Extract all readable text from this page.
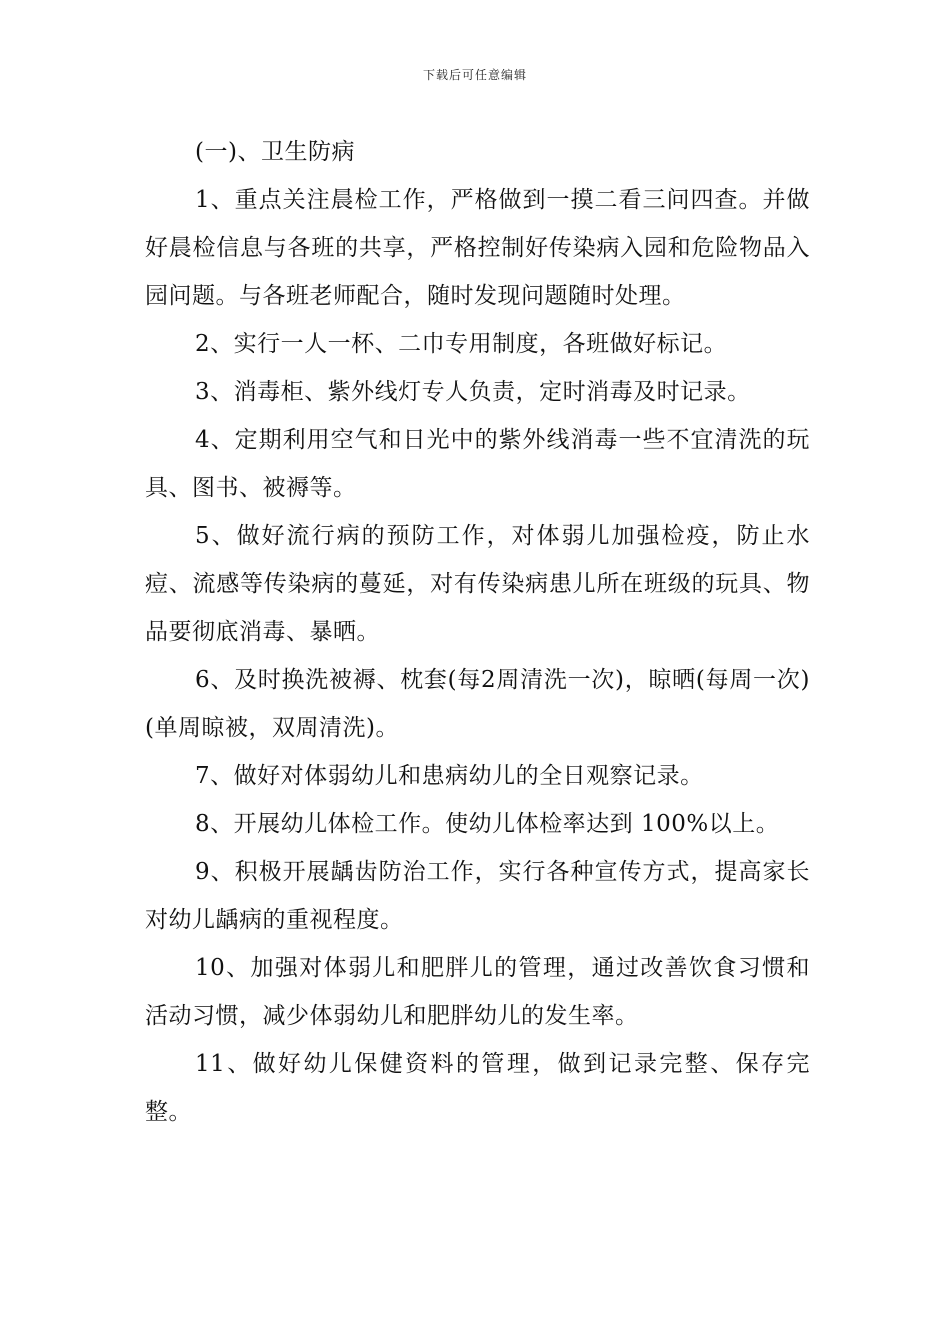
下载后可任意编辑

(一)、卫生防病

1、重点关注晨检工作，严格做到一摸二看三问四查。并做好晨检信息与各班的共享，严格控制好传染病入园和危险物品入园问题。与各班老师配合，随时发现问题随时处理。

2、实行一人一杯、二巾专用制度，各班做好标记。

3、消毒柜、紫外线灯专人负责，定时消毒及时记录。

4、定期利用空气和日光中的紫外线消毒一些不宜清洗的玩具、图书、被褥等。

5、做好流行病的预防工作，对体弱儿加强检疫，防止水痘、流感等传染病的蔓延，对有传染病患儿所在班级的玩具、物品要彻底消毒、暴晒。

6、及时换洗被褥、枕套(每2周清洗一次)，晾晒(每周一次)(单周晾被，双周清洗)。

7、做好对体弱幼儿和患病幼儿的全日观察记录。

8、开展幼儿体检工作。使幼儿体检率达到 100%以上。

9、积极开展龋齿防治工作，实行各种宣传方式，提高家长对幼儿龋病的重视程度。

10、加强对体弱儿和肥胖儿的管理，通过改善饮食习惯和活动习惯，减少体弱幼儿和肥胖幼儿的发生率。

11、做好幼儿保健资料的管理，做到记录完整、保存完整。
